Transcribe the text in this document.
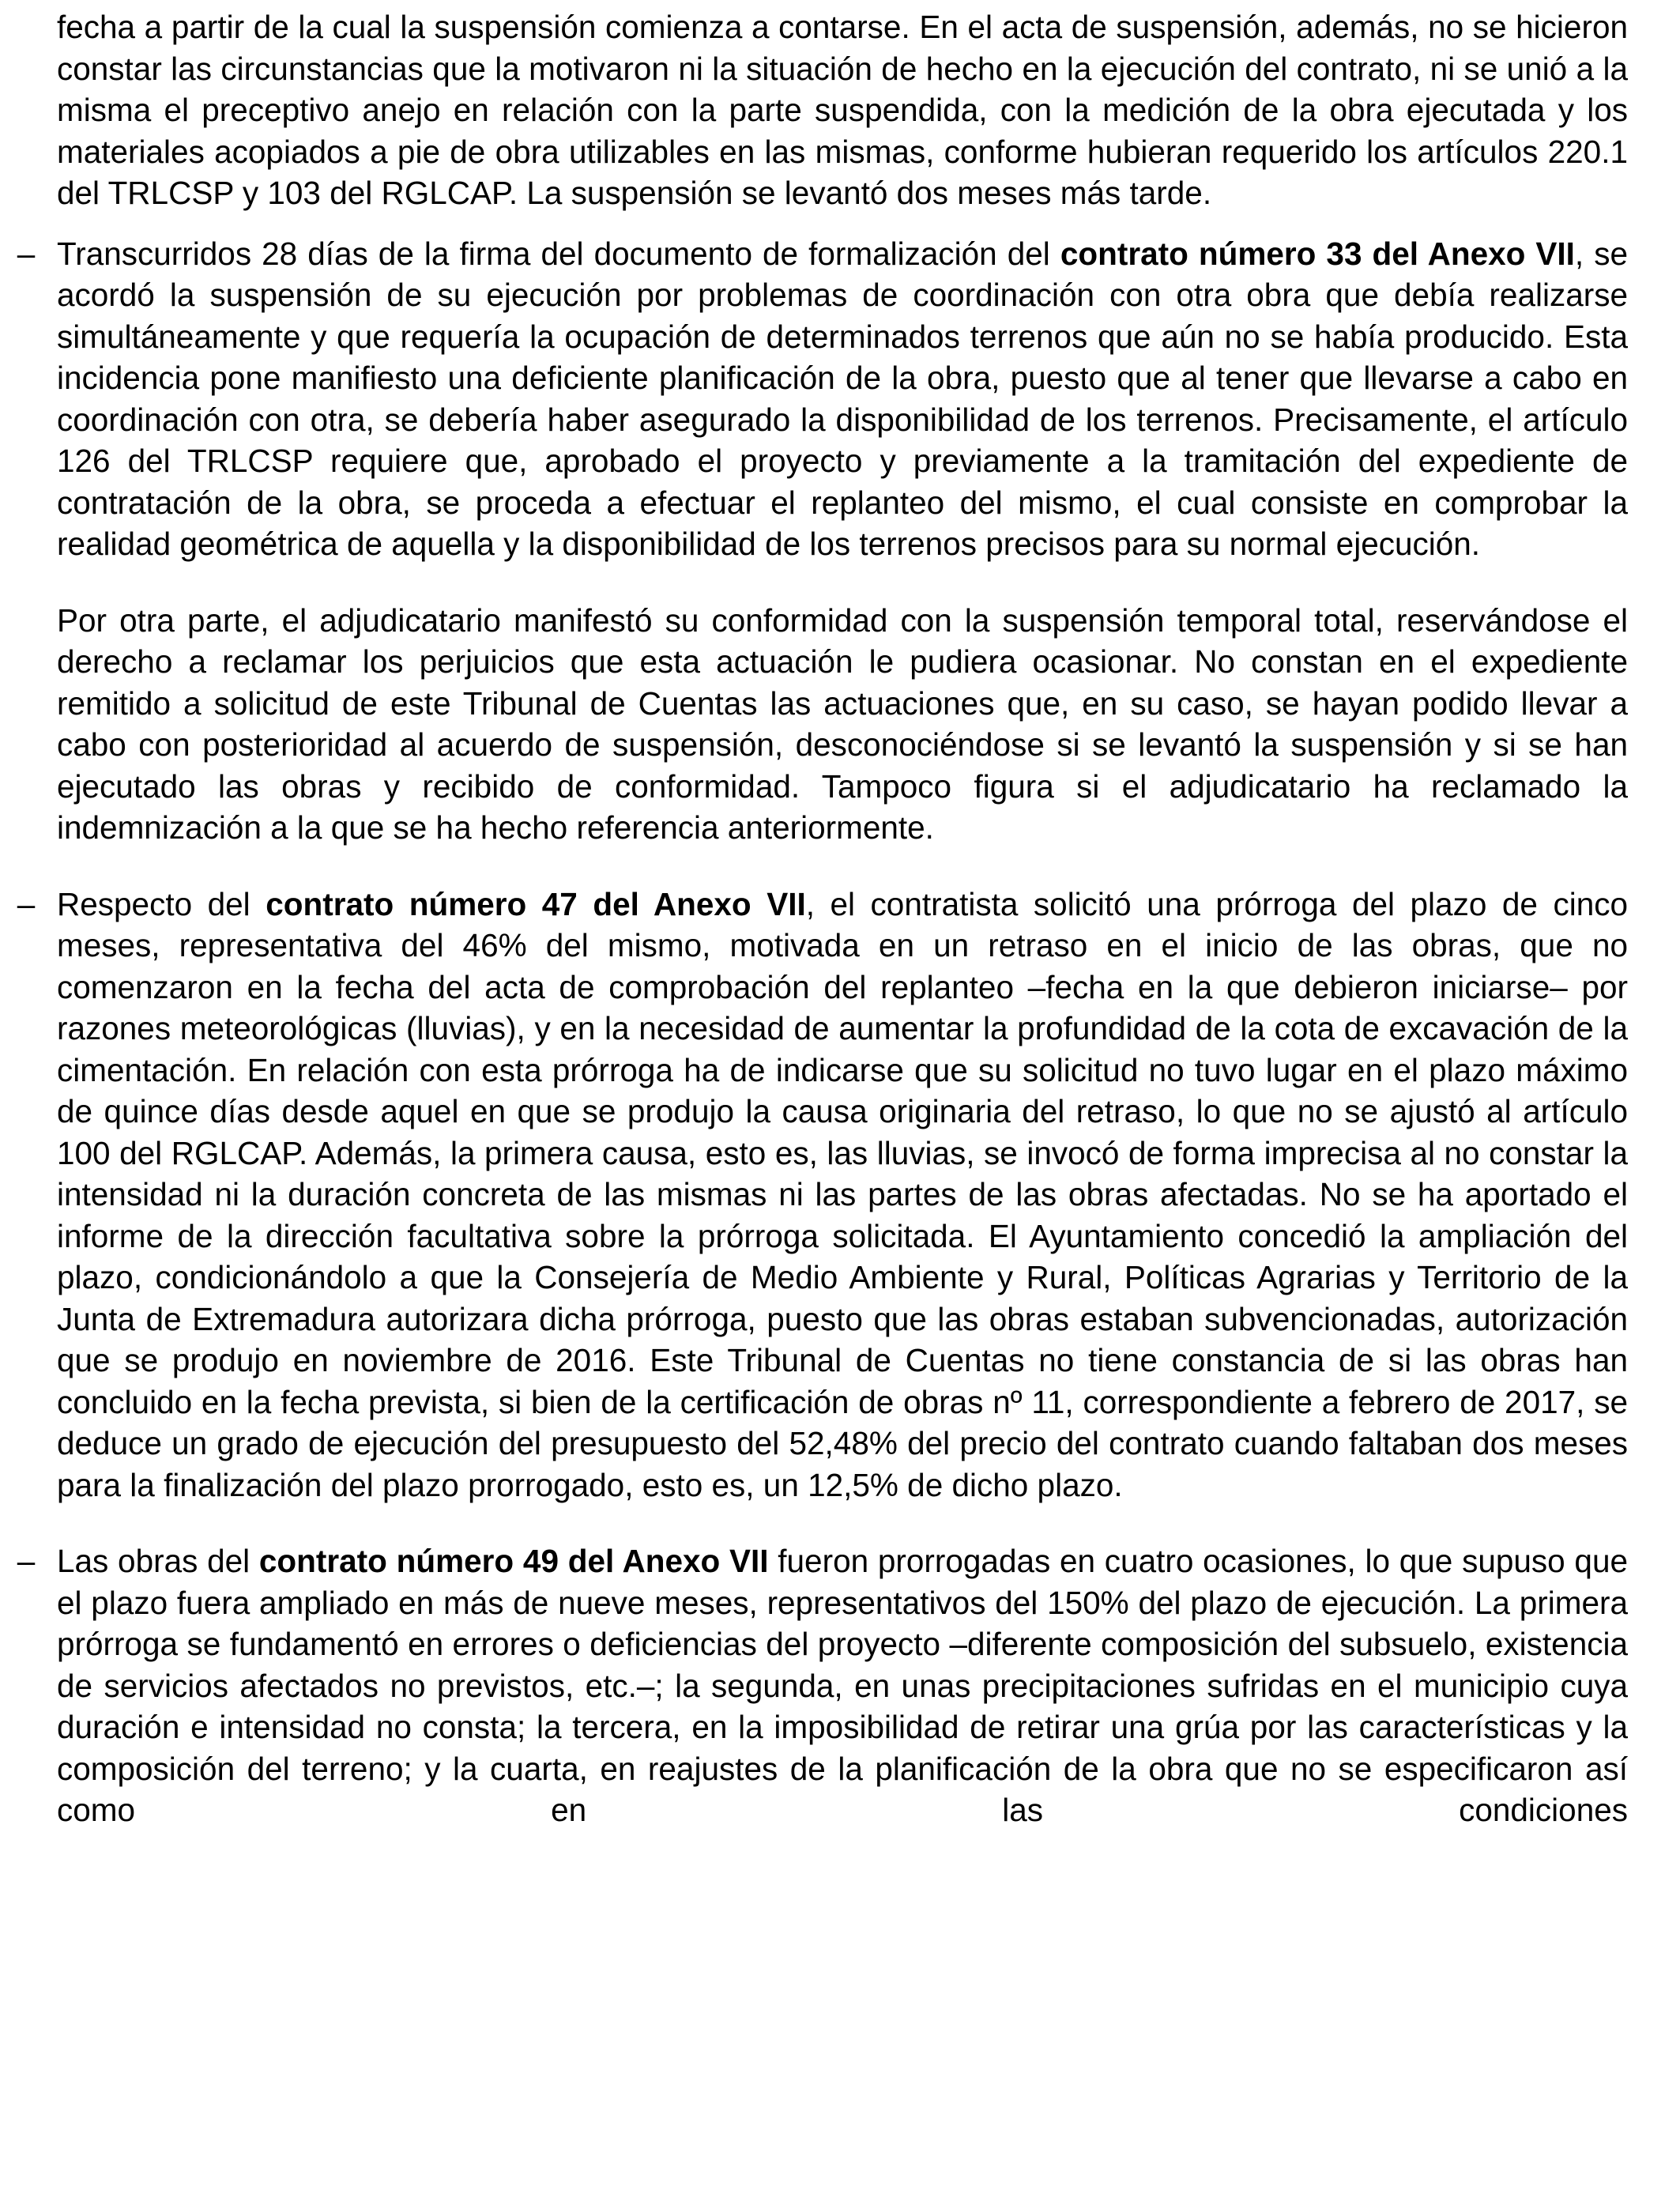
fecha a partir de la cual la suspensión comienza a contarse. En el acta de suspensión, además, no se hicieron constar las circunstancias que la motivaron ni la situación de hecho en la ejecución del contrato, ni se unió a la misma el preceptivo anejo en relación con la parte suspendida, con la medición de la obra ejecutada y los materiales acopiados a pie de obra utilizables en las mismas, conforme hubieran requerido los artículos 220.1 del TRLCSP y 103 del RGLCAP. La suspensión se levantó dos meses más tarde.

– Transcurridos 28 días de la firma del documento de formalización del contrato número 33 del Anexo VII, se acordó la suspensión de su ejecución por problemas de coordinación con otra obra que debía realizarse simultáneamente y que requería la ocupación de determinados terrenos que aún no se había producido. Esta incidencia pone manifiesto una deficiente planificación de la obra, puesto que al tener que llevarse a cabo en coordinación con otra, se debería haber asegurado la disponibilidad de los terrenos. Precisamente, el artículo 126 del TRLCSP requiere que, aprobado el proyecto y previamente a la tramitación del expediente de contratación de la obra, se proceda a efectuar el replanteo del mismo, el cual consiste en comprobar la realidad geométrica de aquella y la disponibilidad de los terrenos precisos para su normal ejecución.

Por otra parte, el adjudicatario manifestó su conformidad con la suspensión temporal total, reservándose el derecho a reclamar los perjuicios que esta actuación le pudiera ocasionar. No constan en el expediente remitido a solicitud de este Tribunal de Cuentas las actuaciones que, en su caso, se hayan podido llevar a cabo con posterioridad al acuerdo de suspensión, desconociéndose si se levantó la suspensión y si se han ejecutado las obras y recibido de conformidad. Tampoco figura si el adjudicatario ha reclamado la indemnización a la que se ha hecho referencia anteriormente.

– Respecto del contrato número 47 del Anexo VII, el contratista solicitó una prórroga del plazo de cinco meses, representativa del 46% del mismo, motivada en un retraso en el inicio de las obras, que no comenzaron en la fecha del acta de comprobación del replanteo –fecha en la que debieron iniciarse– por razones meteorológicas (lluvias), y en la necesidad de aumentar la profundidad de la cota de excavación de la cimentación. En relación con esta prórroga ha de indicarse que su solicitud no tuvo lugar en el plazo máximo de quince días desde aquel en que se produjo la causa originaria del retraso, lo que no se ajustó al artículo 100 del RGLCAP. Además, la primera causa, esto es, las lluvias, se invocó de forma imprecisa al no constar la intensidad ni la duración concreta de las mismas ni las partes de las obras afectadas. No se ha aportado el informe de la dirección facultativa sobre la prórroga solicitada. El Ayuntamiento concedió la ampliación del plazo, condicionándolo a que la Consejería de Medio Ambiente y Rural, Políticas Agrarias y Territorio de la Junta de Extremadura autorizara dicha prórroga, puesto que las obras estaban subvencionadas, autorización que se produjo en noviembre de 2016. Este Tribunal de Cuentas no tiene constancia de si las obras han concluido en la fecha prevista, si bien de la certificación de obras nº 11, correspondiente a febrero de 2017, se deduce un grado de ejecución del presupuesto del 52,48% del precio del contrato cuando faltaban dos meses para la finalización del plazo prorrogado, esto es, un 12,5% de dicho plazo.

– Las obras del contrato número 49 del Anexo VII fueron prorrogadas en cuatro ocasiones, lo que supuso que el plazo fuera ampliado en más de nueve meses, representativos del 150% del plazo de ejecución. La primera prórroga se fundamentó en errores o deficiencias del proyecto –diferente composición del subsuelo, existencia de servicios afectados no previstos, etc.–; la segunda, en unas precipitaciones sufridas en el municipio cuya duración e intensidad no consta; la tercera, en la imposibilidad de retirar una grúa por las características y la composición del terreno; y la cuarta, en reajustes de la planificación de la obra que no se especificaron así como en las condiciones
